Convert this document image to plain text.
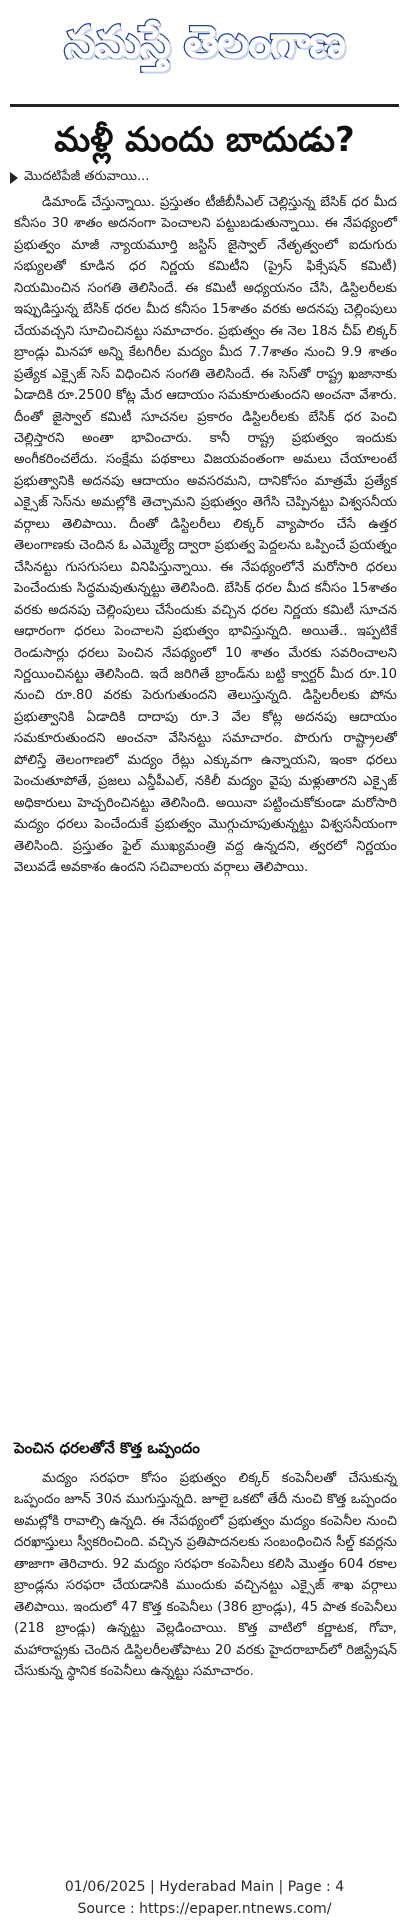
నమస్తే తెలంగాణ
మళ్లీ మందు బాదుడు?
మొదటిపేజీ తరువాయి...

డిమాండ్ చేస్తున్నాయి. ప్రస్తుతం టీజీబీసీఎల్ చెల్లిస్తున్న బేసిక్ ధర మీద కనీసం 30 శాతం అదనంగా పెంచాలని పట్టుబడుతున్నాయి. ఈ నేపథ్యంలో ప్రభుత్వం మాజీ న్యాయమూర్తి జస్టిస్ జైస్వాల్ నేతృత్వంలో ఐదుగురు సభ్యులతో కూడిన ధర నిర్ణయ కమిటీని (ప్రైస్ ఫిక్సేషన్ కమిటీ) నియమించిన సంగతి తెలిసిందే. ఈ కమిటీ అధ్యయనం చేసి, డిస్టిలరీలకు ఇప్పుడిస్తున్న బేసిక్ ధరల మీద కనీసం 15శాతం వరకు అదనపు చెల్లింపులు చేయవచ్చని సూచించినట్టు సమాచారం. ప్రభుత్వం ఈ నెల 18న చీప్ లిక్కర్ బ్రాండ్లు మినహా అన్ని కేటగిరీల మద్యం మీద 7.7శాతం నుంచి 9.9 శాతం ప్రత్యేక ఎక్సైజ్ సెస్ విధించిన సంగతి తెలిసిందే. ఈ సెస్‌తో రాష్ట్ర ఖజానాకు ఏడాదికి రూ.2500 కోట్ల మేర ఆదాయం సమకూరుతుందని అంచనా వేశారు. దీంతో జైస్వాల్ కమిటీ సూచనల ప్రకారం డిస్టిలరీలకు బేసిక్ ధర పెంచి చెల్లిస్తారని అంతా భావించారు. కానీ రాష్ట్ర ప్రభుత్వం ఇందుకు అంగీకరించలేదు. సంక్షేమ పథకాలు విజయవంతంగా అమలు చేయాలంటే ప్రభుత్వానికి అదనపు ఆదాయం అవసరమని, దానికోసం మాత్రమే ప్రత్యేక ఎక్సైజ్ సెస్‌ను అమల్లోకి తెచ్చామని ప్రభుత్వం తెగేసి చెప్పినట్టు విశ్వసనీయ వర్గాలు తెలిపాయి. దీంతో డిస్టిలరీలు లిక్కర్ వ్యాపారం చేసే ఉత్తర తెలంగాణకు చెందిన ఓ ఎమ్మెల్యే ద్వారా ప్రభుత్వ పెద్దలను ఒప్పించే ప్రయత్నం చేసినట్టు గుసగుసలు వినిపిస్తున్నాయి. ఈ నేపథ్యంలోనే మరోసారి ధరలు పెంచేందుకు సిద్ధమవుతున్నట్టు తెలిసింది. బేసిక్ ధరల మీద కనీసం 15శాతం వరకు అదనపు చెల్లింపులు చేసేందుకు వచ్చిన ధరల నిర్ణయ కమిటీ సూచన ఆధారంగా ధరలు పెంచాలని ప్రభుత్వం భావిస్తున్నది. అయితే.. ఇప్పటికే రెండుసార్లు ధరలు పెంచిన నేపథ్యంలో 10 శాతం మేరకు సవరించాలని నిర్ణయించినట్టు తెలిసింది. ఇదే జరిగితే బ్రాండ్‌ను బట్టి క్వార్టర్ మీద రూ.10 నుంచి రూ.80 వరకు పెరుగుతుందని తెలుస్తున్నది. డిస్టిలరీలకు పోను ప్రభుత్వానికి ఏడాదికి దాదాపు రూ.3 వేల కోట్ల అదనపు ఆదాయం సమకూరుతుందని అంచనా వేసినట్టు సమాచారం. పొరుగు రాష్ట్రాలతో పోలిస్తే తెలంగాణలో మద్యం రేట్లు ఎక్కువగా ఉన్నాయని, ఇంకా ధరలు పెంచుతూపోతే, ప్రజలు ఎన్డీపీఎల్, నకిలీ మద్యం వైపు మళ్లుతారని ఎక్సైజ్ అధికారులు హెచ్చరించినట్టు తెలిసింది. అయినా పట్టించుకోకుండా మరోసారి మద్యం ధరలు పెంచేందుకే ప్రభుత్వం మొగ్గుచూపుతున్నట్టు విశ్వసనీయంగా తెలిసింది. ప్రస్తుతం ఫైల్ ముఖ్యమంత్రి వద్ద ఉన్నదని, త్వరలో నిర్ణయం వెలువడే అవకాశం ఉందని సచివాలయ వర్గాలు తెలిపాయి.

పెంచిన ధరలతోనే కొత్త ఒప్పందం

మద్యం సరఫరా కోసం ప్రభుత్వం లిక్కర్ కంపెనీలతో చేసుకున్న ఒప్పందం జూన్ 30న ముగుస్తున్నది. జూలై ఒకటో తేదీ నుంచి కొత్త ఒప్పందం అమల్లోకి రావాల్సి ఉన్నది. ఈ నేపథ్యంలో ప్రభుత్వం మద్యం కంపెనీల నుంచి దరఖాస్తులు స్వీకరించింది. వచ్చిన ప్రతిపాదనలకు సంబంధించిన సీల్డ్ కవర్లను తాజాగా తెరిచారు. 92 మద్యం సరఫరా కంపెనీలు కలిసి మొత్తం 604 రకాల బ్రాండ్లను సరఫరా చేయడానికి ముందుకు వచ్చినట్టు ఎక్సైజ్ శాఖ వర్గాలు తెలిపాయి. ఇందులో 47 కొత్త కంపెనీలు (386 బ్రాండ్లు), 45 పాత కంపెనీలు (218 బ్రాండ్లు) ఉన్నట్టు వెల్లడించాయి. కొత్త వాటిలో కర్ణాటక, గోవా, మహారాష్ట్రకు చెందిన డిస్టిలరీలతోపాటు 20 వరకు హైదరాబాద్‌లో రిజిస్ట్రేషన్ చేసుకున్న స్థానిక కంపెనీలు ఉన్నట్టు సమాచారం.

01/06/2025 | Hyderabad Main | Page : 4
Source : https://epaper.ntnews.com/
